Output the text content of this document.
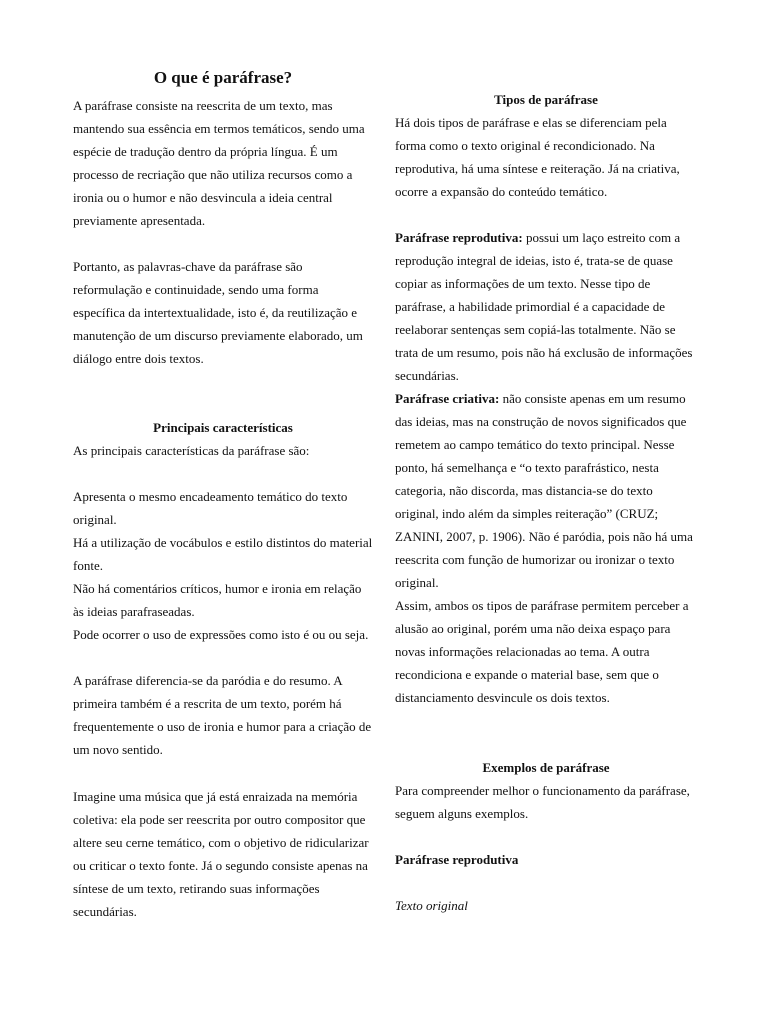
O que é paráfrase?

A paráfrase consiste na reescrita de um texto, mas mantendo sua essência em termos temáticos, sendo uma espécie de tradução dentro da própria língua. É um processo de recriação que não utiliza recursos como a ironia ou o humor e não desvincula a ideia central previamente apresentada.

Portanto, as palavras-chave da paráfrase são reformulação e continuidade, sendo uma forma específica da intertextualidade, isto é, da reutilização e manutenção de um discurso previamente elaborado, um diálogo entre dois textos.

Principais características

As principais características da paráfrase são:

Apresenta o mesmo encadeamento temático do texto original.

Há a utilização de vocábulos e estilo distintos do material fonte.

Não há comentários críticos, humor e ironia em relação às ideias parafraseadas.

Pode ocorrer o uso de expressões como isto é ou ou seja.

A paráfrase diferencia-se da paródia e do resumo. A primeira também é a rescrita de um texto, porém há frequentemente o uso de ironia e humor para a criação de um novo sentido.

Imagine uma música que já está enraizada na memória coletiva: ela pode ser reescrita por outro compositor que altere seu cerne temático, com o objetivo de ridicularizar ou criticar o texto fonte. Já o segundo consiste apenas na síntese de um texto, retirando suas informações secundárias.

Tipos de paráfrase

Há dois tipos de paráfrase e elas se diferenciam pela forma como o texto original é recondicionado. Na reprodutiva, há uma síntese e reiteração. Já na criativa, ocorre a expansão do conteúdo temático.

Paráfrase reprodutiva: possui um laço estreito com a reprodução integral de ideias, isto é, trata-se de quase copiar as informações de um texto. Nesse tipo de paráfrase, a habilidade primordial é a capacidade de reelaborar sentenças sem copiá-las totalmente. Não se trata de um resumo, pois não há exclusão de informações secundárias.

Paráfrase criativa: não consiste apenas em um resumo das ideias, mas na construção de novos significados que remetem ao campo temático do texto principal. Nesse ponto, há semelhança e “o texto parafrástico, nesta categoria, não discorda, mas distancia-se do texto original, indo além da simples reiteração” (CRUZ; ZANINI, 2007, p. 1906). Não é paródia, pois não há uma reescrita com função de humorizar ou ironizar o texto original.

Assim, ambos os tipos de paráfrase permitem perceber a alusão ao original, porém uma não deixa espaço para novas informações relacionadas ao tema. A outra recondiciona e expande o material base, sem que o distanciamento desvincule os dois textos.

Exemplos de paráfrase

Para compreender melhor o funcionamento da paráfrase, seguem alguns exemplos.

Paráfrase reprodutiva

Texto original
